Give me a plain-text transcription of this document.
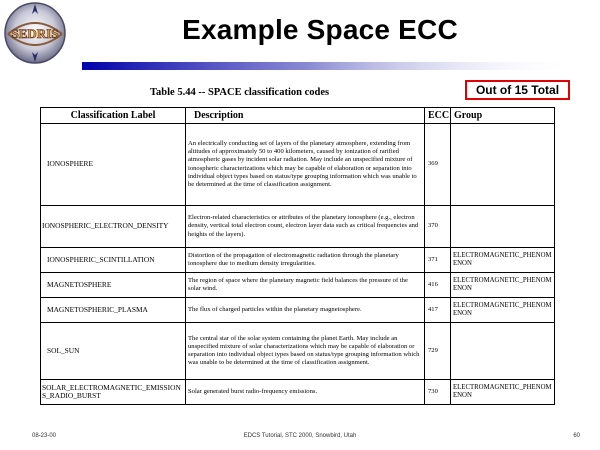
SEDRIS	Example Space ECC
Table 5.44 -- SPACE classification codes	Out of 15 Total
Classification Label	Description	ECC	Group
IONOSPHERE	An electrically conducting set of layers of the planetary atmosphere, extending from altitudes of approximately 50 to 400 kilometers, caused by ionization of rarified atmospheric gases by incident solar radiation. May include an unspecified mixture of ionospheric characterizations which may be capable of elaboration or separation into individual object types based on status/type grouping information which was unable to be determined at the time of classification assignment.	369	
IONOSPHERIC_ELECTRON_DENSITY	Electron-related characteristics or attributes of the planetary ionosphere (e.g., electron density, vertical total electron count, electron layer data such as critical frequencies and heights of the layers).	370	
IONOSPHERIC_SCINTILLATION	Distortion of the propagation of electromagnetic radiation through the planetary ionosphere due to medium density irregularities.	371	ELECTROMAGNETIC_PHENOMENON
MAGNETOSPHERE	The region of space where the planetary magnetic field balances the pressure of the solar wind.	416	ELECTROMAGNETIC_PHENOMENON
MAGNETOSPHERIC_PLASMA	The flux of charged particles within the planetary magnetosphere.	417	ELECTROMAGNETIC_PHENOMENON
SOL_SUN	The central star of the solar system containing the planet Earth. May include an unspecified mixture of solar characterizations which may be capable of elaboration or separation into individual object types based on status/type grouping information which was unable to be determined at the time of classification assignment.	729	
SOLAR_ELECTROMAGNETIC_EMISSIONS_RADIO_BURST	Solar generated burst radio-frequency emissions.	730	ELECTROMAGNETIC_PHENOMENON
08-23-00	EDCS Tutorial, STC 2000, Snowbird, Utah	60
